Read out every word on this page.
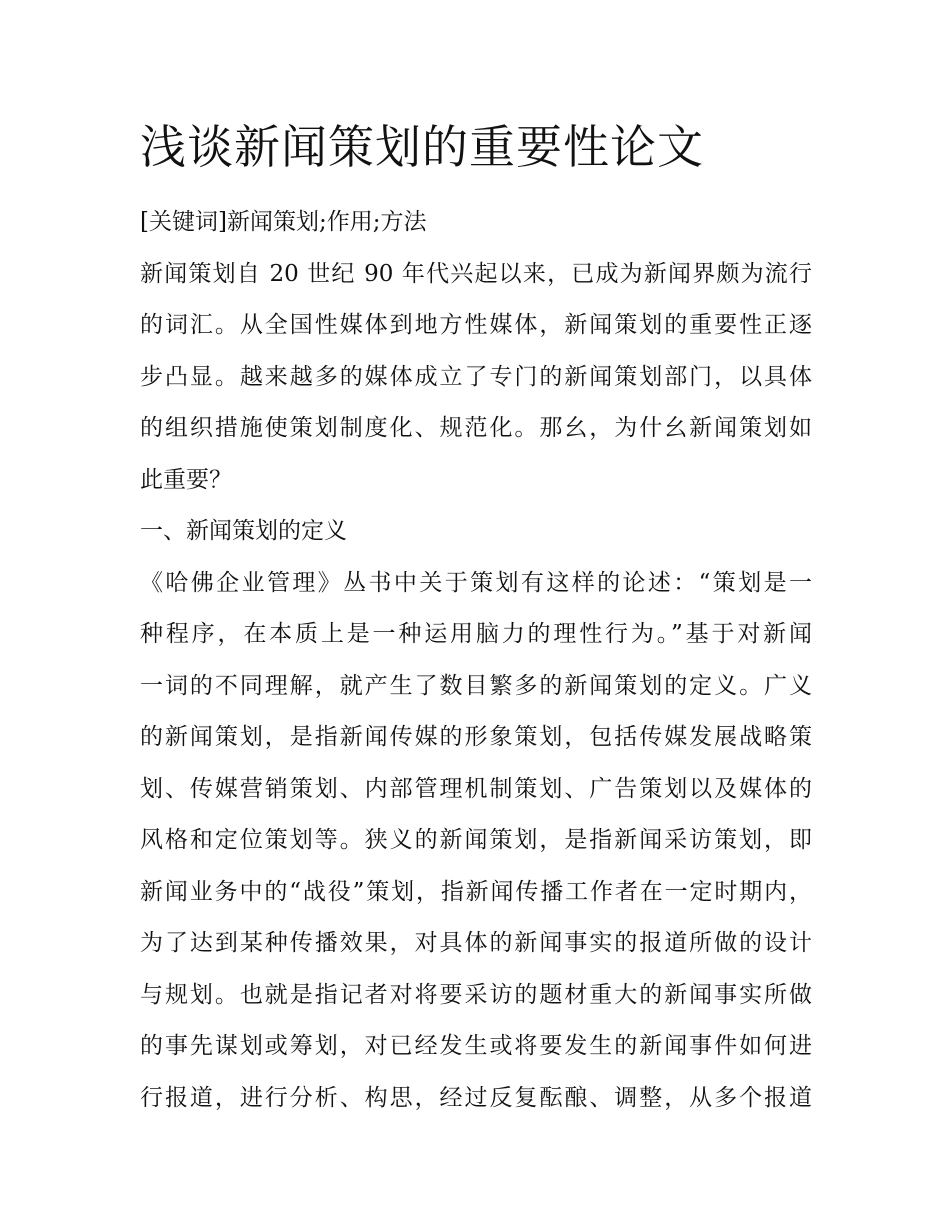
浅谈新闻策划的重要性论文
[关键词]新闻策划;作用;方法
新闻策划自 20 世纪 90 年代兴起以来，已成为新闻界颇为流行
的词汇。从全国性媒体到地方性媒体，新闻策划的重要性正逐
步凸显。越来越多的媒体成立了专门的新闻策划部门，以具体
的组织措施使策划制度化、规范化。那幺，为什幺新闻策划如
此重要？
一、新闻策划的定义
《哈佛企业管理》丛书中关于策划有这样的论述：“策划是一
种程序，在本质上是一种运用脑力的理性行为。”基于对新闻
一词的不同理解，就产生了数目繁多的新闻策划的定义。广义
的新闻策划，是指新闻传媒的形象策划，包括传媒发展战略策
划、传媒营销策划、内部管理机制策划、广告策划以及媒体的
风格和定位策划等。狭义的新闻策划，是指新闻采访策划，即
新闻业务中的“战役”策划，指新闻传播工作者在一定时期内，
为了达到某种传播效果，对具体的新闻事实的报道所做的设计
与规划。也就是指记者对将要采访的题材重大的新闻事实所做
的事先谋划或筹划，对已经发生或将要发生的新闻事件如何进
行报道，进行分析、构思，经过反复酝酿、调整，从多个报道
